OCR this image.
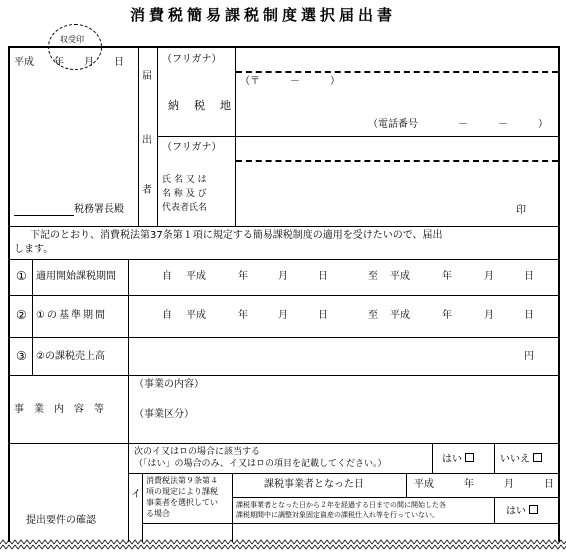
消費税簡易課税制度選択届出書
収受印
平成　　年　　月　　日
税務署長殿
届
出
者
（フリガナ）
（〒　　　－　　　）
納　税　地
（電話番号　　　　－　　　－　　　）
（フリガナ）
氏 名 又 は
名 称 及 び
代表者氏名	印
下記のとおり、消費税法第37条第１項に規定する簡易課税制度の適用を受けたいので、届出
します。
① 適用開始課税期間	自 平成	年	月	日	至 平成	年	月	日
② ①の基準期間	自 平成	年	月	日	至 平成	年	月	日
③ ②の課税売上高	円
事　業　内　容　等
（事業の内容）
（事業区分）
提出要件の確認
次のイ又はロの場合に該当する
（「はい」の場合のみ、イ又はロの項目を記載してください。）	はい	いいえ
イ
消費税法第９条第４
項の規定により課税
事業者を選択してい
る場合
課税事業者となった日	平成　　　年　　　月　　　日
課税事業者となった日から２年を経過する日までの間に開始した各
課税期間中に調整対象固定資産の課税仕入れ等を行っていない。	はい
